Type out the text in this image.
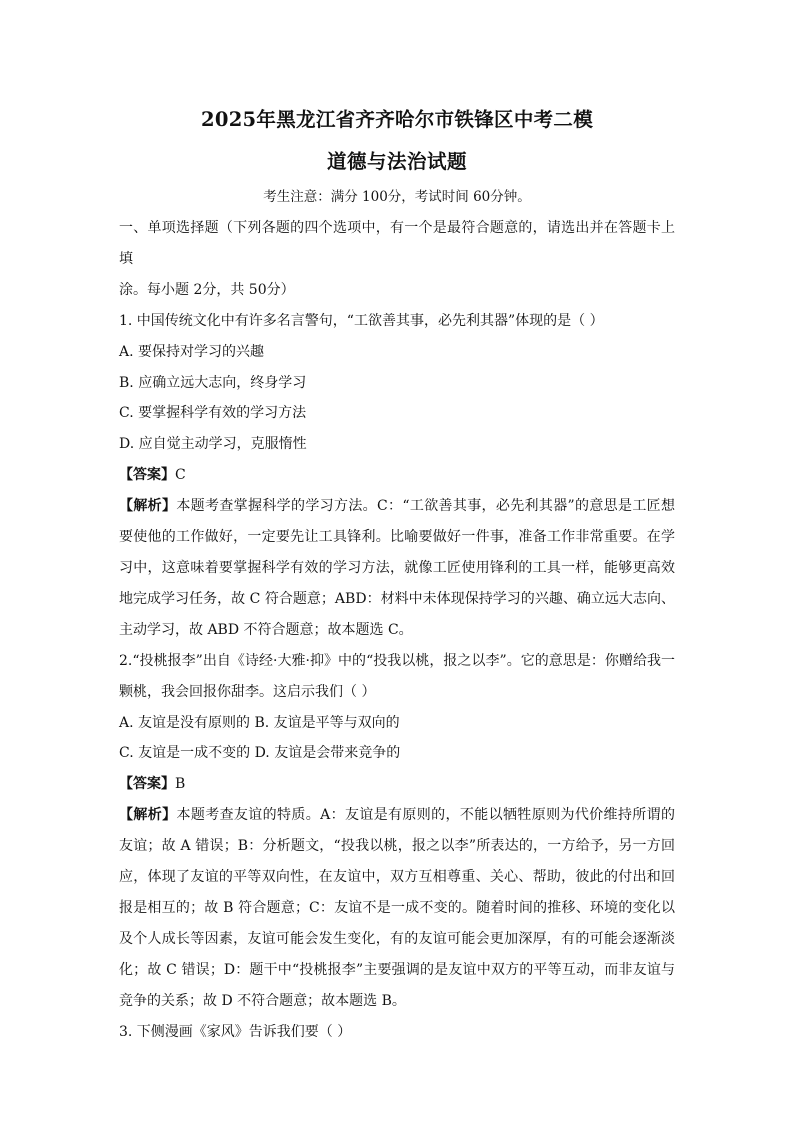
2025年黑龙江省齐齐哈尔市铁锋区中考二模
道德与法治试题
考生注意：满分 100分，考试时间 60分钟。

一、单项选择题（下列各题的四个选项中，有一个是最符合题意的，请选出并在答题卡上填

涂。每小题 2分，共 50分）

1. 中国传统文化中有许多名言警句，“工欲善其事，必先利其器”体现的是（ ）

A. 要保持对学习的兴趣

B. 应确立远大志向，终身学习

C. 要掌握科学有效的学习方法

D. 应自觉主动学习，克服惰性

【答案】C

【解析】本题考查掌握科学的学习方法。C：“工欲善其事，必先利其器”的意思是工匠想要使他的工作做好，一定要先让工具锋利。比喻要做好一件事，准备工作非常重要。在学习中，这意味着要掌握科学有效的学习方法，就像工匠使用锋利的工具一样，能够更高效地完成学习任务，故 C 符合题意；ABD：材料中未体现保持学习的兴趣、确立远大志向、主动学习，故 ABD 不符合题意；故本题选 C。

2.“投桃报李”出自《诗经·大雅·抑》中的“投我以桃，报之以李”。它的意思是：你赠给我一颗桃，我会回报你甜李。这启示我们（ ）

A. 友谊是没有原则的 B. 友谊是平等与双向的

C. 友谊是一成不变的 D. 友谊是会带来竞争的

【答案】B

【解析】本题考查友谊的特质。A：友谊是有原则的，不能以牺牲原则为代价维持所谓的友谊；故 A 错误；B：分析题文，“投我以桃，报之以李”所表达的，一方给予，另一方回应，体现了友谊的平等双向性，在友谊中，双方互相尊重、关心、帮助，彼此的付出和回报是相互的；故 B 符合题意；C：友谊不是一成不变的。随着时间的推移、环境的变化以及个人成长等因素，友谊可能会发生变化，有的友谊可能会更加深厚，有的可能会逐渐淡化；故 C 错误；D：题干中“投桃报李”主要强调的是友谊中双方的平等互动，而非友谊与竞争的关系；故 D 不符合题意；故本题选 B。

3. 下侧漫画《家风》告诉我们要（ ）
